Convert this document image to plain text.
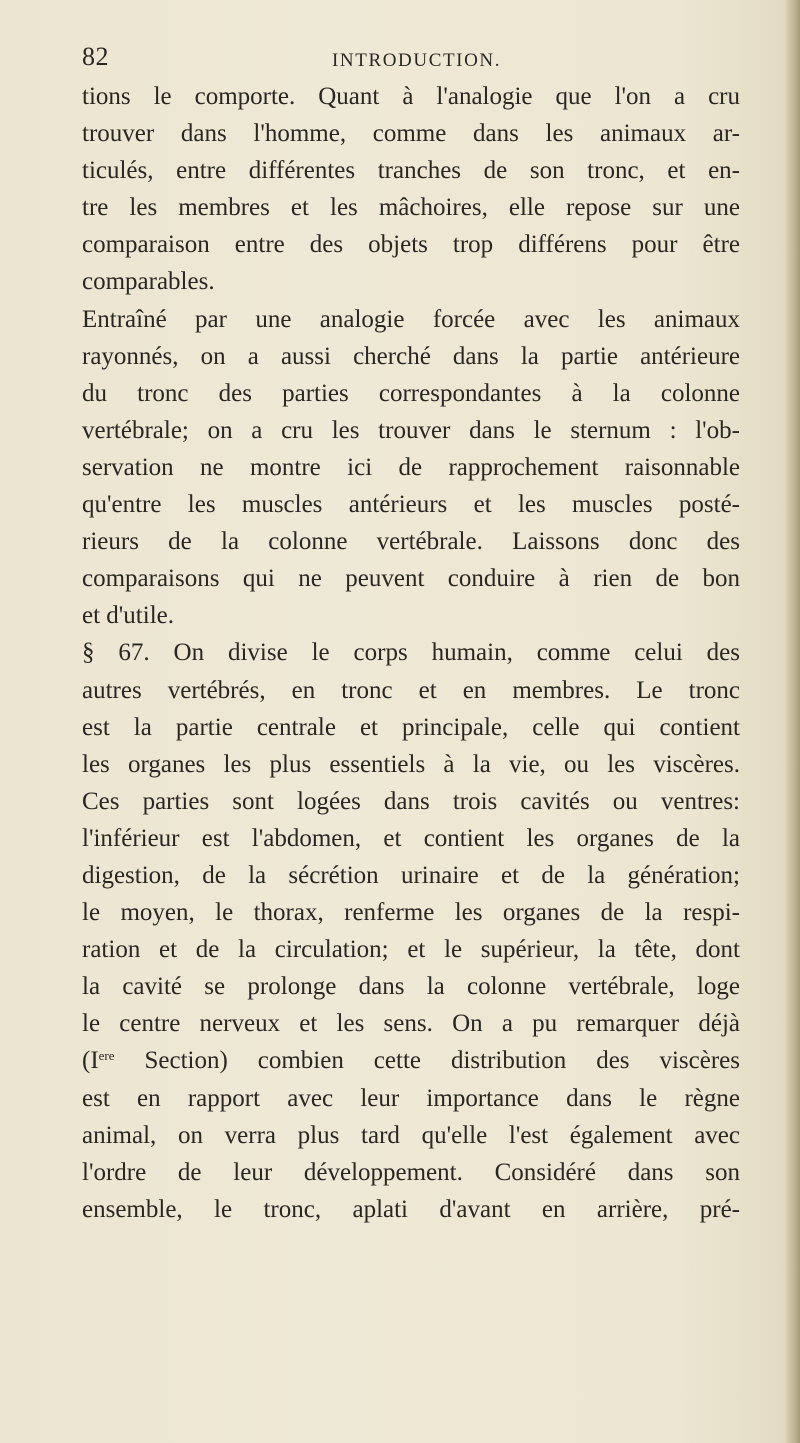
82	INTRODUCTION.
tions le comporte. Quant à l'analogie que l'on a cru
trouver dans l'homme, comme dans les animaux ar-
ticulés, entre différentes tranches de son tronc, et en-
tre les membres et les mâchoires, elle repose sur une
comparaison entre des objets trop différens pour être
comparables.
Entraîné par une analogie forcée avec les animaux
rayonnés, on a aussi cherché dans la partie antérieure
du tronc des parties correspondantes à la colonne
vertébrale; on a cru les trouver dans le sternum : l'ob-
servation ne montre ici de rapprochement raisonnable
qu'entre les muscles antérieurs et les muscles posté-
rieurs de la colonne vertébrale. Laissons donc des
comparaisons qui ne peuvent conduire à rien de bon
et d'utile.
§ 67. On divise le corps humain, comme celui des
autres vertébrés, en tronc et en membres. Le tronc
est la partie centrale et principale, celle qui contient
les organes les plus essentiels à la vie, ou les viscères.
Ces parties sont logées dans trois cavités ou ventres:
l'inférieur est l'abdomen, et contient les organes de la
digestion, de la sécrétion urinaire et de la génération;
le moyen, le thorax, renferme les organes de la respi-
ration et de la circulation; et le supérieur, la tête, dont
la cavité se prolonge dans la colonne vertébrale, loge
le centre nerveux et les sens. On a pu remarquer déjà
(Iere Section) combien cette distribution des viscères
est en rapport avec leur importance dans le règne
animal, on verra plus tard qu'elle l'est également avec
l'ordre de leur développement. Considéré dans son
ensemble, le tronc, aplati d'avant en arrière, pré-
